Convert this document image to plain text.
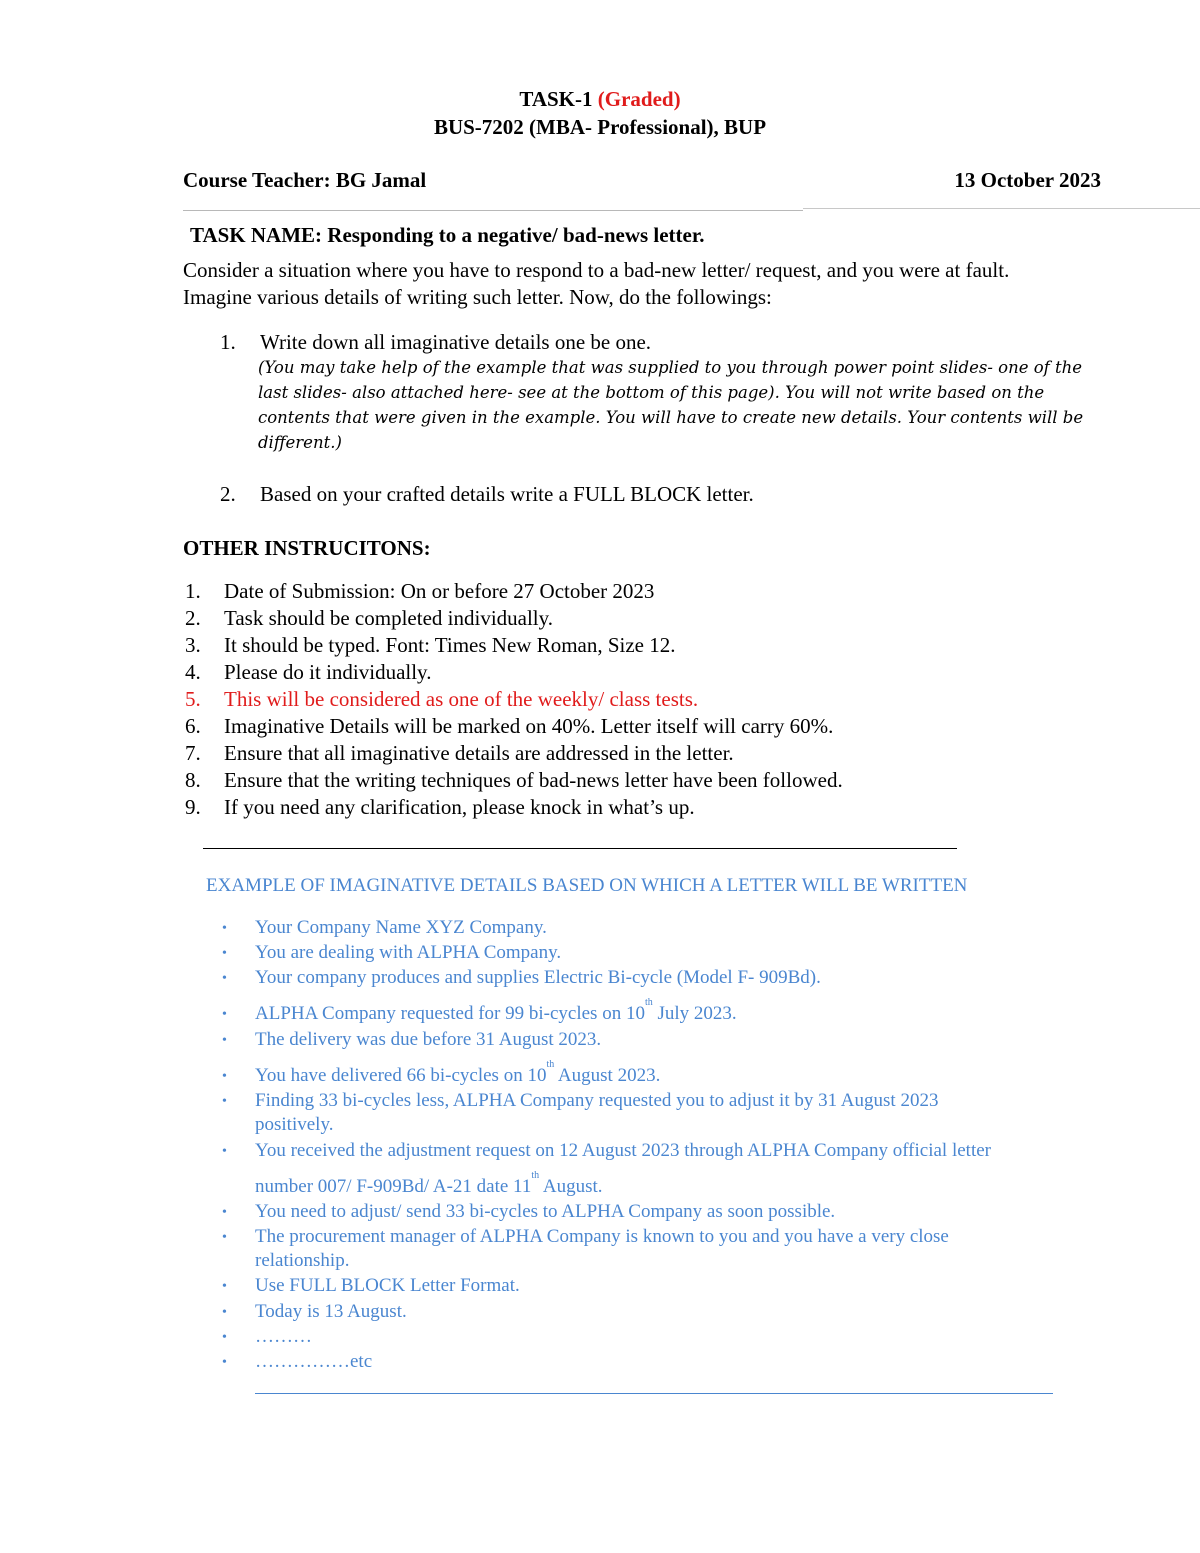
TASK-1 (Graded)
BUS-7202 (MBA- Professional), BUP
Course Teacher: BG Jamal	13 October 2023
TASK NAME: Responding to a negative/ bad-news letter.
Consider a situation where you have to respond to a bad-new letter/ request, and you were at fault.
Imagine various details of writing such letter. Now, do the followings:
1. Write down all imaginative details one be one.
(You may take help of the example that was supplied to you through power point slides- one of the
last slides- also attached here- see at the bottom of this page). You will not write based on the
contents that were given in the example. You will have to create new details. Your contents will be
different.)
2. Based on your crafted details write a FULL BLOCK letter.
OTHER INSTRUCITONS:
1. Date of Submission: On or before 27 October 2023
2. Task should be completed individually.
3. It should be typed. Font: Times New Roman, Size 12.
4. Please do it individually.
5. This will be considered as one of the weekly/ class tests.
6. Imaginative Details will be marked on 40%. Letter itself will carry 60%.
7. Ensure that all imaginative details are addressed in the letter.
8. Ensure that the writing techniques of bad-news letter have been followed.
9. If you need any clarification, please knock in what’s up.
EXAMPLE OF IMAGINATIVE DETAILS BASED ON WHICH A LETTER WILL BE WRITTEN
• Your Company Name XYZ Company.
• You are dealing with ALPHA Company.
• Your company produces and supplies Electric Bi-cycle (Model F- 909Bd).
• ALPHA Company requested for 99 bi-cycles on 10th July 2023.
• The delivery was due before 31 August 2023.
• You have delivered 66 bi-cycles on 10th August 2023.
• Finding 33 bi-cycles less, ALPHA Company requested you to adjust it by 31 August 2023
positively.
• You received the adjustment request on 12 August 2023 through ALPHA Company official letter
number 007/ F-909Bd/ A-21 date 11th August.
• You need to adjust/ send 33 bi-cycles to ALPHA Company as soon possible.
• The procurement manager of ALPHA Company is known to you and you have a very close
relationship.
• Use FULL BLOCK Letter Format.
• Today is 13 August.
• ………
• ……………etc
